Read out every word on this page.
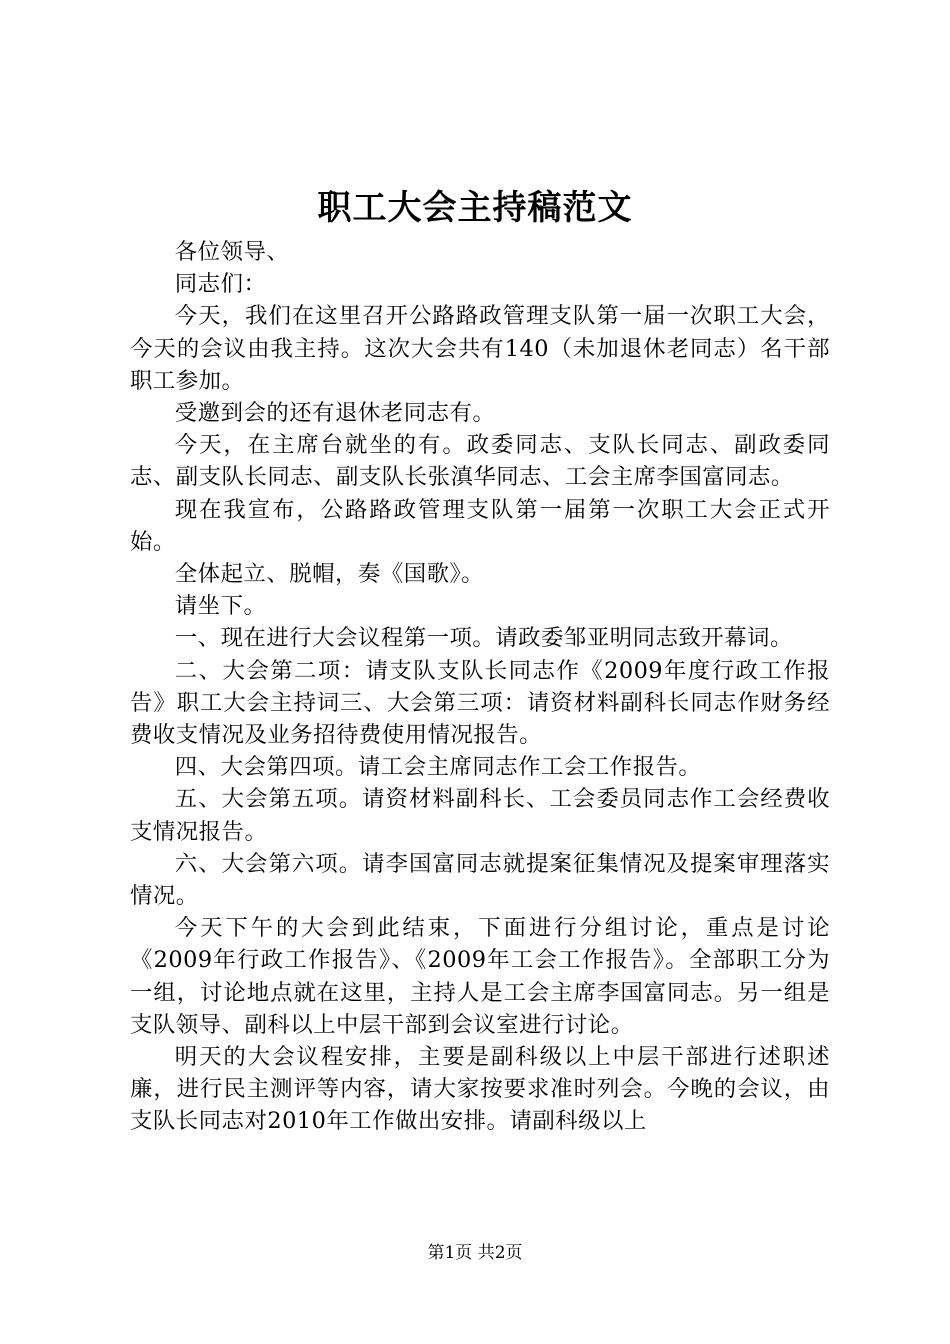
职工大会主持稿范文

各位领导、

同志们：

今天，我们在这里召开公路路政管理支队第一届一次职工大会，今天的会议由我主持。这次大会共有140（未加退休老同志）名干部职工参加。

受邀到会的还有退休老同志有。

今天，在主席台就坐的有。政委同志、支队长同志、副政委同志、副支队长同志、副支队长张滇华同志、工会主席李国富同志。

现在我宣布，公路路政管理支队第一届第一次职工大会正式开始。

全体起立、脱帽，奏《国歌》。

请坐下。

一、现在进行大会议程第一项。请政委邹亚明同志致开幕词。

二、大会第二项：请支队支队长同志作《2009年度行政工作报告》职工大会主持词三、大会第三项：请资材料副科长同志作财务经费收支情况及业务招待费使用情况报告。

四、大会第四项。请工会主席同志作工会工作报告。

五、大会第五项。请资材料副科长、工会委员同志作工会经费收支情况报告。

六、大会第六项。请李国富同志就提案征集情况及提案审理落实情况。

今天下午的大会到此结束，下面进行分组讨论，重点是讨论《2009年行政工作报告》、《2009年工会工作报告》。全部职工分为一组，讨论地点就在这里，主持人是工会主席李国富同志。另一组是支队领导、副科以上中层干部到会议室进行讨论。

明天的大会议程安排，主要是副科级以上中层干部进行述职述廉，进行民主测评等内容，请大家按要求准时列会。今晚的会议，由支队长同志对2010年工作做出安排。请副科级以上

第1页 共2页
